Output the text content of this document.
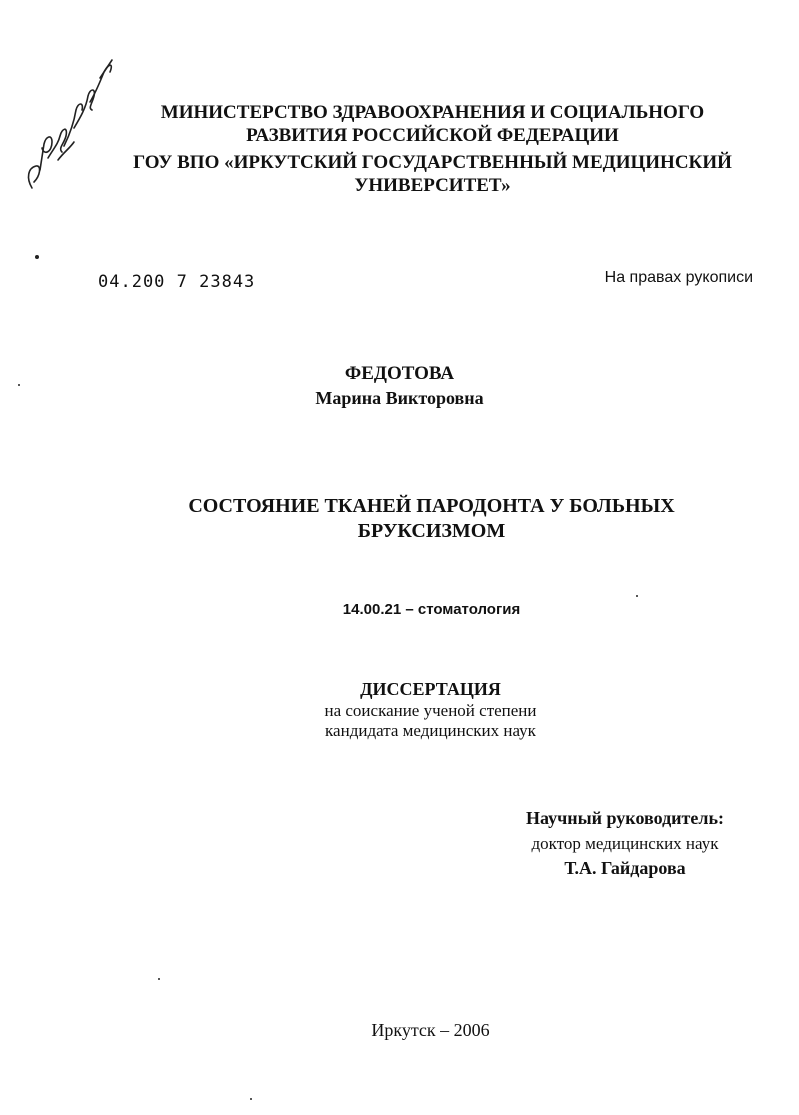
МИНИСТЕРСТВО ЗДРАВООХРАНЕНИЯ И СОЦИАЛЬНОГО
РАЗВИТИЯ РОССИЙСКОЙ ФЕДЕРАЦИИ
ГОУ ВПО «ИРКУТСКИЙ ГОСУДАРСТВЕННЫЙ МЕДИЦИНСКИЙ
УНИВЕРСИТЕТ»
04.200 7 23843	На правах рукописи
ФЕДОТОВА
Марина Викторовна
СОСТОЯНИЕ ТКАНЕЙ ПАРОДОНТА У БОЛЬНЫХ
БРУКСИЗМОМ
14.00.21 – стоматология
ДИССЕРТАЦИЯ
на соискание ученой степени
кандидата медицинских наук
Научный руководитель:
доктор медицинских наук
Т.А. Гайдарова
Иркутск – 2006
